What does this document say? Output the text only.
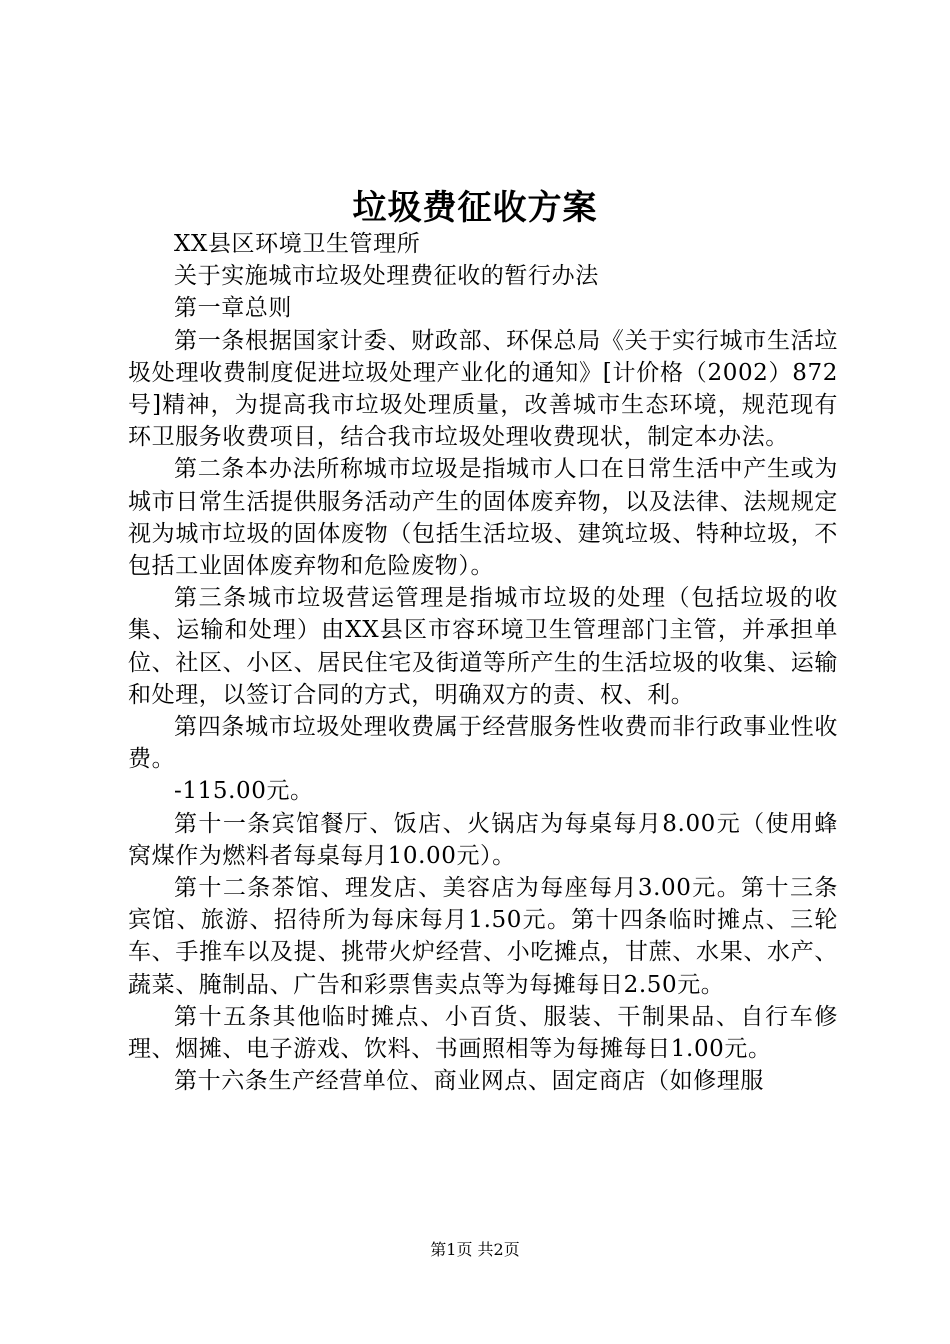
垃圾费征收方案

XX县区环境卫生管理所

关于实施城市垃圾处理费征收的暂行办法

第一章总则

第一条根据国家计委、财政部、环保总局《关于实行城市生活垃圾处理收费制度促进垃圾处理产业化的通知》[计价格（2002）872号]精神，为提高我市垃圾处理质量，改善城市生态环境，规范现有环卫服务收费项目，结合我市垃圾处理收费现状，制定本办法。

第二条本办法所称城市垃圾是指城市人口在日常生活中产生或为城市日常生活提供服务活动产生的固体废弃物，以及法律、法规规定视为城市垃圾的固体废物（包括生活垃圾、建筑垃圾、特种垃圾，不包括工业固体废弃物和危险废物）。

第三条城市垃圾营运管理是指城市垃圾的处理（包括垃圾的收集、运输和处理）由XX县区市容环境卫生管理部门主管，并承担单位、社区、小区、居民住宅及街道等所产生的生活垃圾的收集、运输和处理，以签订合同的方式，明确双方的责、权、利。

第四条城市垃圾处理收费属于经营服务性收费而非行政事业性收费。

-115.00元。

第十一条宾馆餐厅、饭店、火锅店为每桌每月8.00元（使用蜂窝煤作为燃料者每桌每月10.00元）。

第十二条茶馆、理发店、美容店为每座每月3.00元。第十三条宾馆、旅游、招待所为每床每月1.50元。第十四条临时摊点、三轮车、手推车以及提、挑带火炉经营、小吃摊点，甘蔗、水果、水产、蔬菜、腌制品、广告和彩票售卖点等为每摊每日2.50元。

第十五条其他临时摊点、小百货、服装、干制果品、自行车修理、烟摊、电子游戏、饮料、书画照相等为每摊每日1.00元。

第十六条生产经营单位、商业网点、固定商店（如修理服

第1页 共2页
